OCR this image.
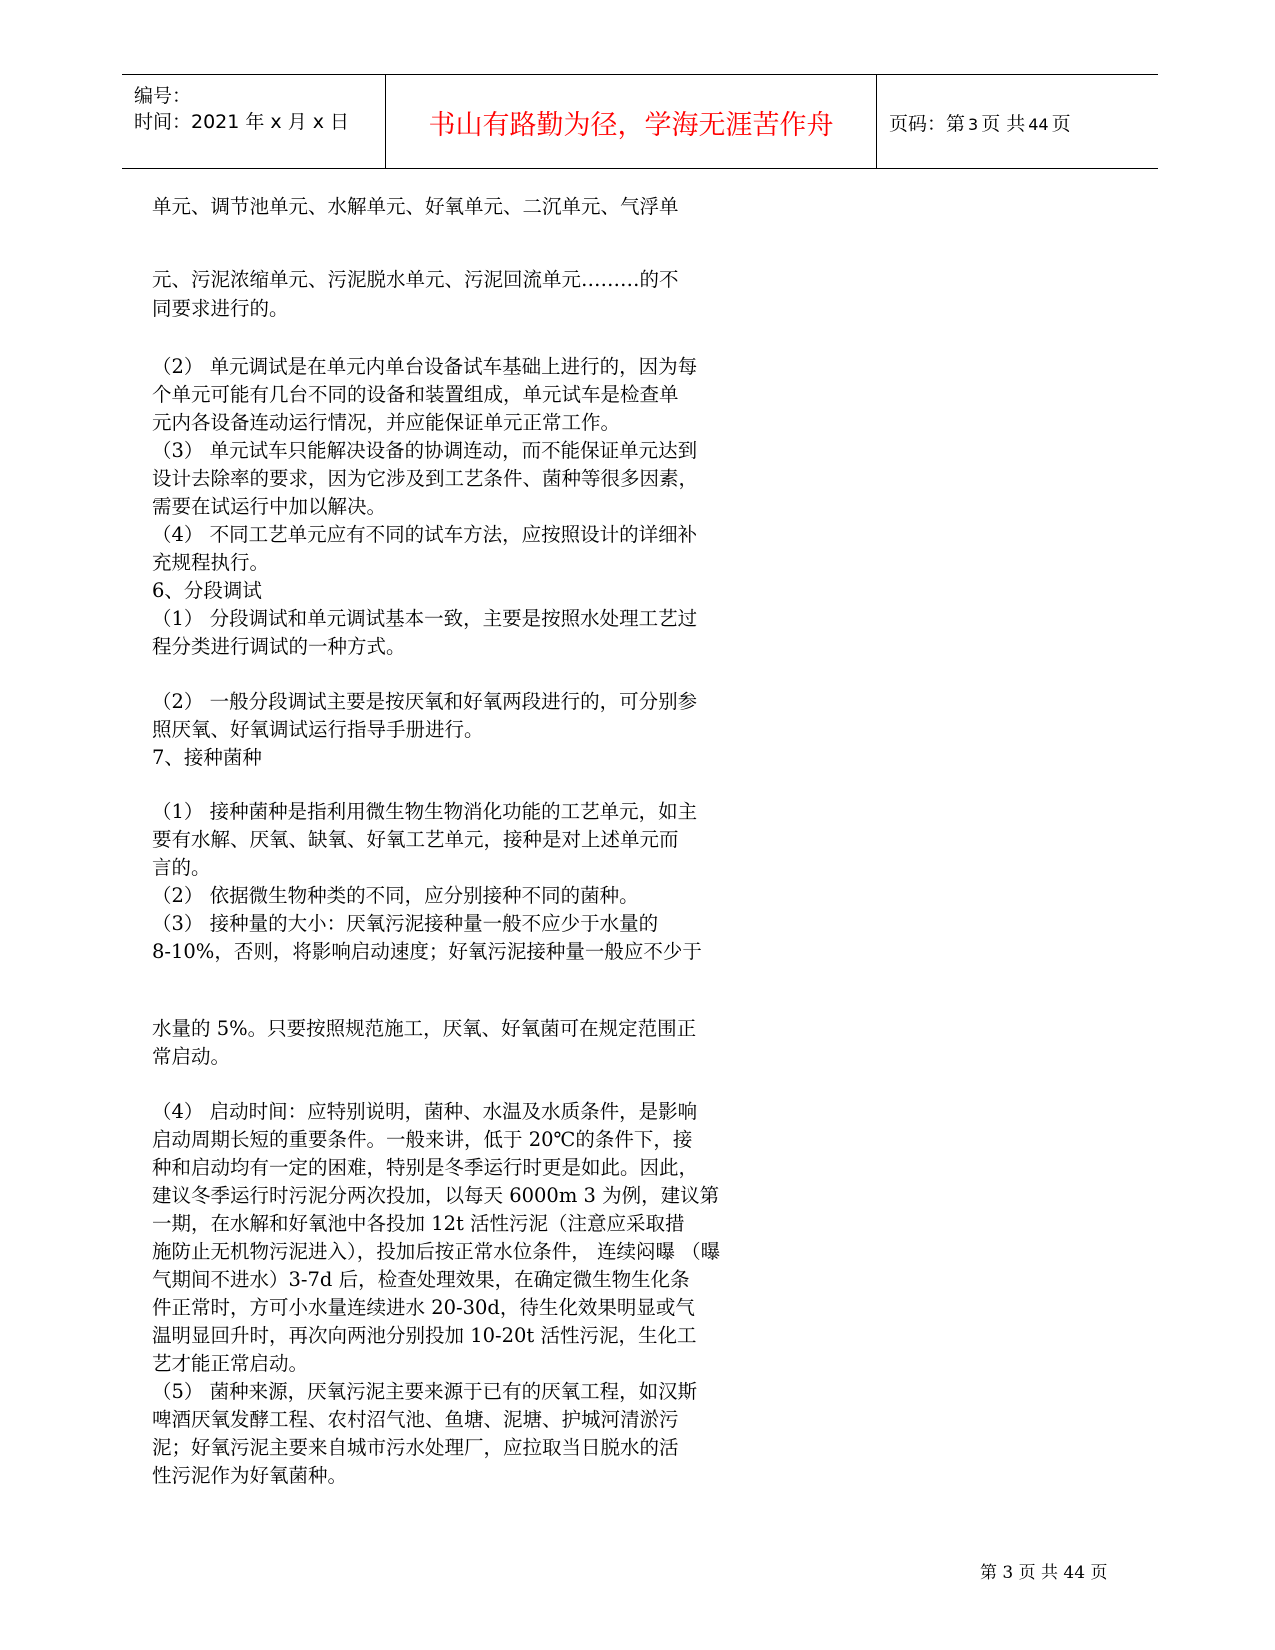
编号：
时间：2021 年 x 月 x 日	书山有路勤为径，学海无涯苦作舟	页码：第 3 页 共 44 页
单元、调节池单元、水解单元、好氧单元、二沉单元、气浮单
元、污泥浓缩单元、污泥脱水单元、污泥回流单元………的不
同要求进行的。
（2） 单元调试是在单元内单台设备试车基础上进行的，因为每
个单元可能有几台不同的设备和装置组成，单元试车是检查单
元内各设备连动运行情况，并应能保证单元正常工作。
（3） 单元试车只能解决设备的协调连动，而不能保证单元达到
设计去除率的要求，因为它涉及到工艺条件、菌种等很多因素，
需要在试运行中加以解决。
（4） 不同工艺单元应有不同的试车方法，应按照设计的详细补
充规程执行。
6、分段调试
（1） 分段调试和单元调试基本一致，主要是按照水处理工艺过
程分类进行调试的一种方式。
（2） 一般分段调试主要是按厌氧和好氧两段进行的，可分别参
照厌氧、好氧调试运行指导手册进行。
7、接种菌种
（1） 接种菌种是指利用微生物生物消化功能的工艺单元，如主
要有水解、厌氧、缺氧、好氧工艺单元，接种是对上述单元而
言的。
（2） 依据微生物种类的不同，应分别接种不同的菌种。
（3） 接种量的大小：厌氧污泥接种量一般不应少于水量的
8-10%，否则，将影响启动速度；好氧污泥接种量一般应不少于
水量的 5%。只要按照规范施工，厌氧、好氧菌可在规定范围正
常启动。
（4） 启动时间：应特别说明，菌种、水温及水质条件，是影响
启动周期长短的重要条件。一般来讲，低于 20℃的条件下，接
种和启动均有一定的困难，特别是冬季运行时更是如此。因此，
建议冬季运行时污泥分两次投加，以每天 6000m 3 为例，建议第
一期，在水解和好氧池中各投加 12t 活性污泥（注意应采取措
施防止无机物污泥进入），投加后按正常水位条件， 连续闷曝 （曝
气期间不进水）3-7d 后，检查处理效果，在确定微生物生化条
件正常时，方可小水量连续进水 20-30d，待生化效果明显或气
温明显回升时，再次向两池分别投加 10-20t 活性污泥，生化工
艺才能正常启动。
（5） 菌种来源，厌氧污泥主要来源于已有的厌氧工程，如汉斯
啤酒厌氧发酵工程、农村沼气池、鱼塘、泥塘、护城河清淤污
泥；好氧污泥主要来自城市污水处理厂，应拉取当日脱水的活
性污泥作为好氧菌种。
第 3 页 共 44 页
